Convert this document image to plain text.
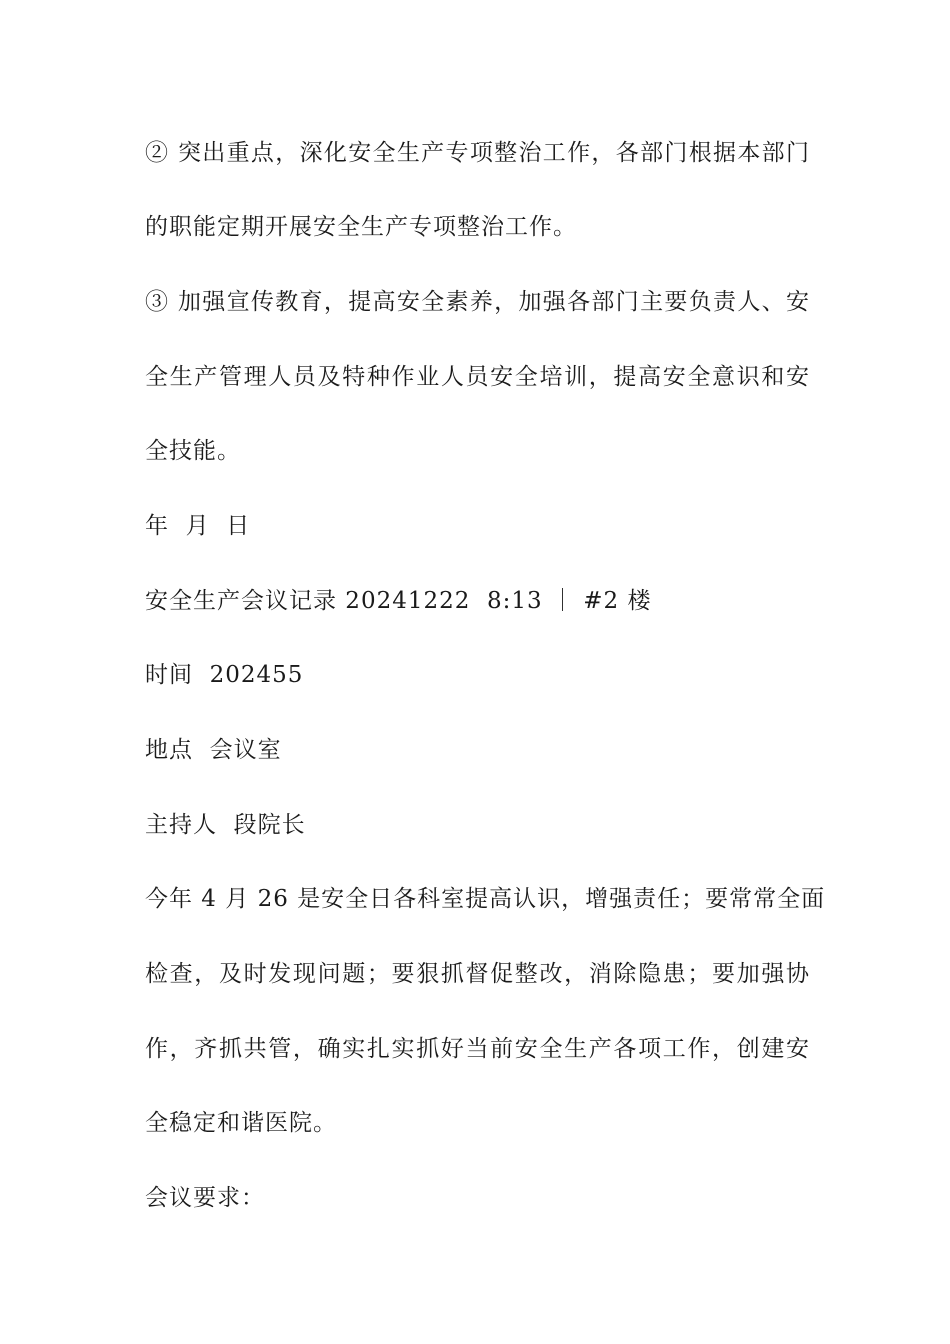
② 突出重点，深化安全生产专项整治工作，各部门根据本部门
的职能定期开展安全生产专项整治工作。
③ 加强宣传教育，提高安全素养，加强各部门主要负责人、安
全生产管理人员及特种作业人员安全培训，提高安全意识和安
全技能。
年  月  日
安全生产会议记录 20241222  8:13 ｜ #2 楼
时间  202455
地点  会议室
主持人  段院长
今年 4 月 26 是安全日各科室提高认识，增强责任；要常常全面
检查，及时发现问题；要狠抓督促整改，消除隐患；要加强协
作，齐抓共管，确实扎实抓好当前安全生产各项工作，创建安
全稳定和谐医院。
会议要求：
